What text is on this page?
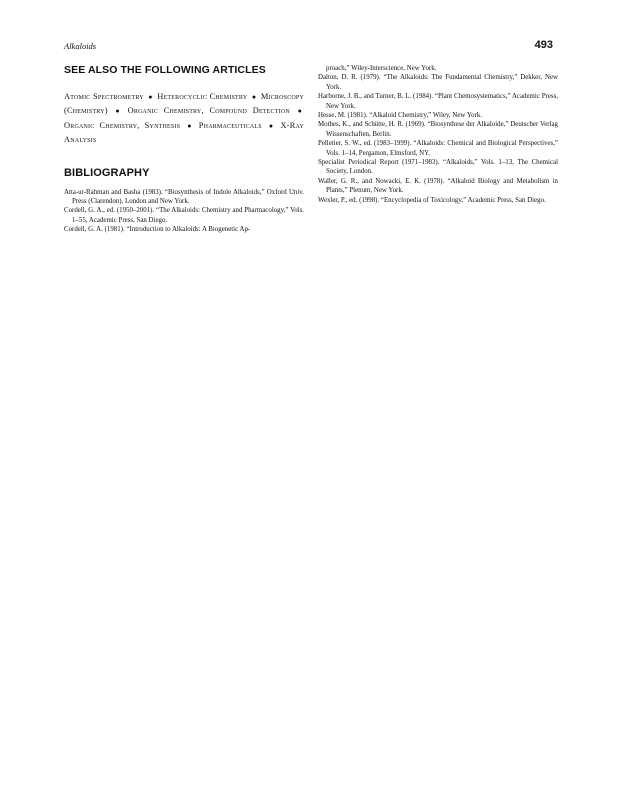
Alkaloids	493
SEE ALSO THE FOLLOWING ARTICLES
Atomic Spectrometry ● Heterocyclic Chemistry ● Microscopy (Chemistry) ● Organic Chemistry, Compound Detection ● Organic Chemistry, Synthesis ● Pharmaceuticals ● X-Ray Analysis
BIBLIOGRAPHY

Atta-ur-Rahman and Basha (1983). “Biosynthesis of Indole Alkaloids,” Oxford Univ. Press (Clarendon), London and New York.

Cordell, G. A., ed. (1950–2001). “The Alkaloids: Chemistry and Pharmacology,” Vols. 1–55, Academic Press, San Diego.

Cordell, G. A. (1981). “Introduction to Alkaloids: A Biogenetic Ap-

proach,” Wiley-Interscience, New York.

Dalton, D. R. (1979). “The Alkaloids: The Fundamental Chemistry,” Dekker, New York.

Harborne, J. B., and Turner, B. L. (1984). “Plant Chemosystematics,” Academic Press, New York.

Hesse, M. (1981). “Alkaloid Chemistry,” Wiley, New York.

Mothes, K., and Schütte, H. R. (1969). “Biosynthese der Alkaloide,” Deutscher Verlag Wissenschaften, Berlin.

Pelletier, S. W., ed. (1983–1999). “Alkaloids: Chemical and Biological Perspectives,” Vols. 1–14, Pergamon, Elmsford, NY.

Specialist Periodical Report (1971–1983). “Alkaloids,” Vols. 1–13, The Chemical Society, London.

Waller, G. R., and Nowacki, E. K. (1978). “Alkaloid Biology and Metabolism in Plants,” Plenum, New York.

Wexler, P., ed. (1998). “Encyclopedia of Toxicology,” Academic Press, San Diego.
